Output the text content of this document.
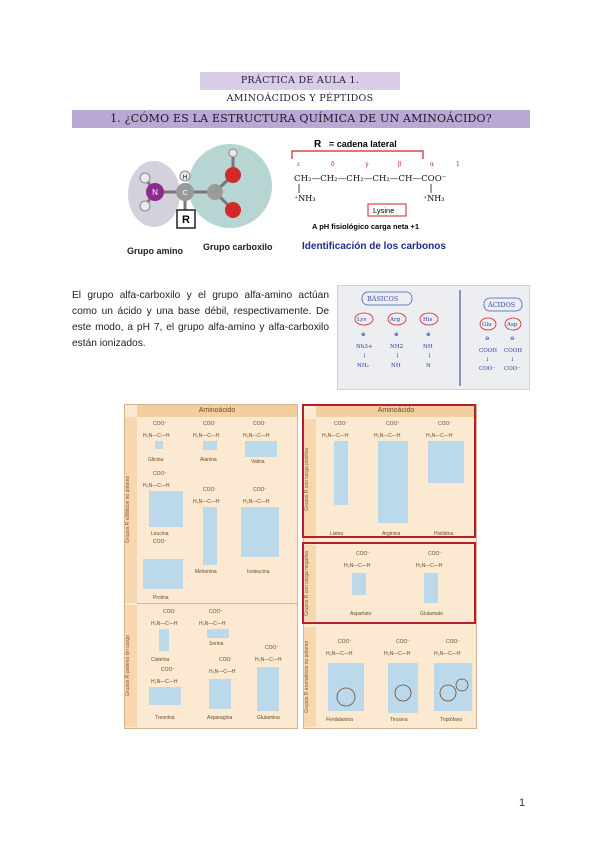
PRÁCTICA DE AULA 1. AMINOÁCIDOS Y PÉPTIDOS
1. ¿CÓMO ES LA ESTRUCTURA QUÍMICA DE UN AMINOÁCIDO?
N	C
H
R
Grupo amino Grupo carboxilo
R = cadena lateral
ε	δ	γ	β	α	1
CH₂—CH₂—CH₂—CH₂—CH—COO⁻
⁺NH₃	⁺NH₃
Lysine
A pH fisiológico carga neta +1
Identificación de los carbonos
El grupo alfa-carboxilo y el grupo alfa-amino actúan como un ácido y una base débil, respectivamente. De este modo, a pH 7, el grupo alfa-amino y alfa-carboxilo están ionizados.
BÁSICOS
ÁCIDOS
Lys
⊕
Nh3+
↓
NH₂
Arg
⊕
NH2
↓
NH
His
⊕
NH
↓
N
Glu
⊖
COOH
↓
COO⁻
Asp
⊖
COOH
↓
COO⁻
Aminoácido
Grupos R alifáticos no polares
Grupos R polares sin carga
COO⁻
H₃N—C—H
Glicina
COO⁻
H₃N—C—H
Alanina
COO⁻
H₃N—C—H
Valina
COO⁻
H₃N—C—H
Leucina
COO⁻
H₃N—C—H
Metionina
COO⁻
H₃N—C—H
Isoleucina
COO⁻
Prolina
COO⁻
H₃N—C—H
Serina
COO⁻
H₃N—C—H
Cisteína
COO⁻
H₃N—C—H
Treonina
COO⁻
H₃N—C—H
Asparagina
COO⁻
H₃N—C—H
Glutamina
Aminoácido
Grupos R con carga positiva
Grupos R con carga negativa
Grupos R aromáticos no polares
COO⁻
H₃N—C—H
Lisina
COO⁻
H₃N—C—H
Arginina
COO⁻
H₃N—C—H
Histidina
COO⁻
H₃N—C—H
Aspartato
COO⁻
H₃N—C—H
Glutamato
COO⁻
H₃N—C—H
Fenilalanina
COO⁻
H₃N—C—H
Tirosina
COO⁻
H₃N—C—H
Triptófano
1
